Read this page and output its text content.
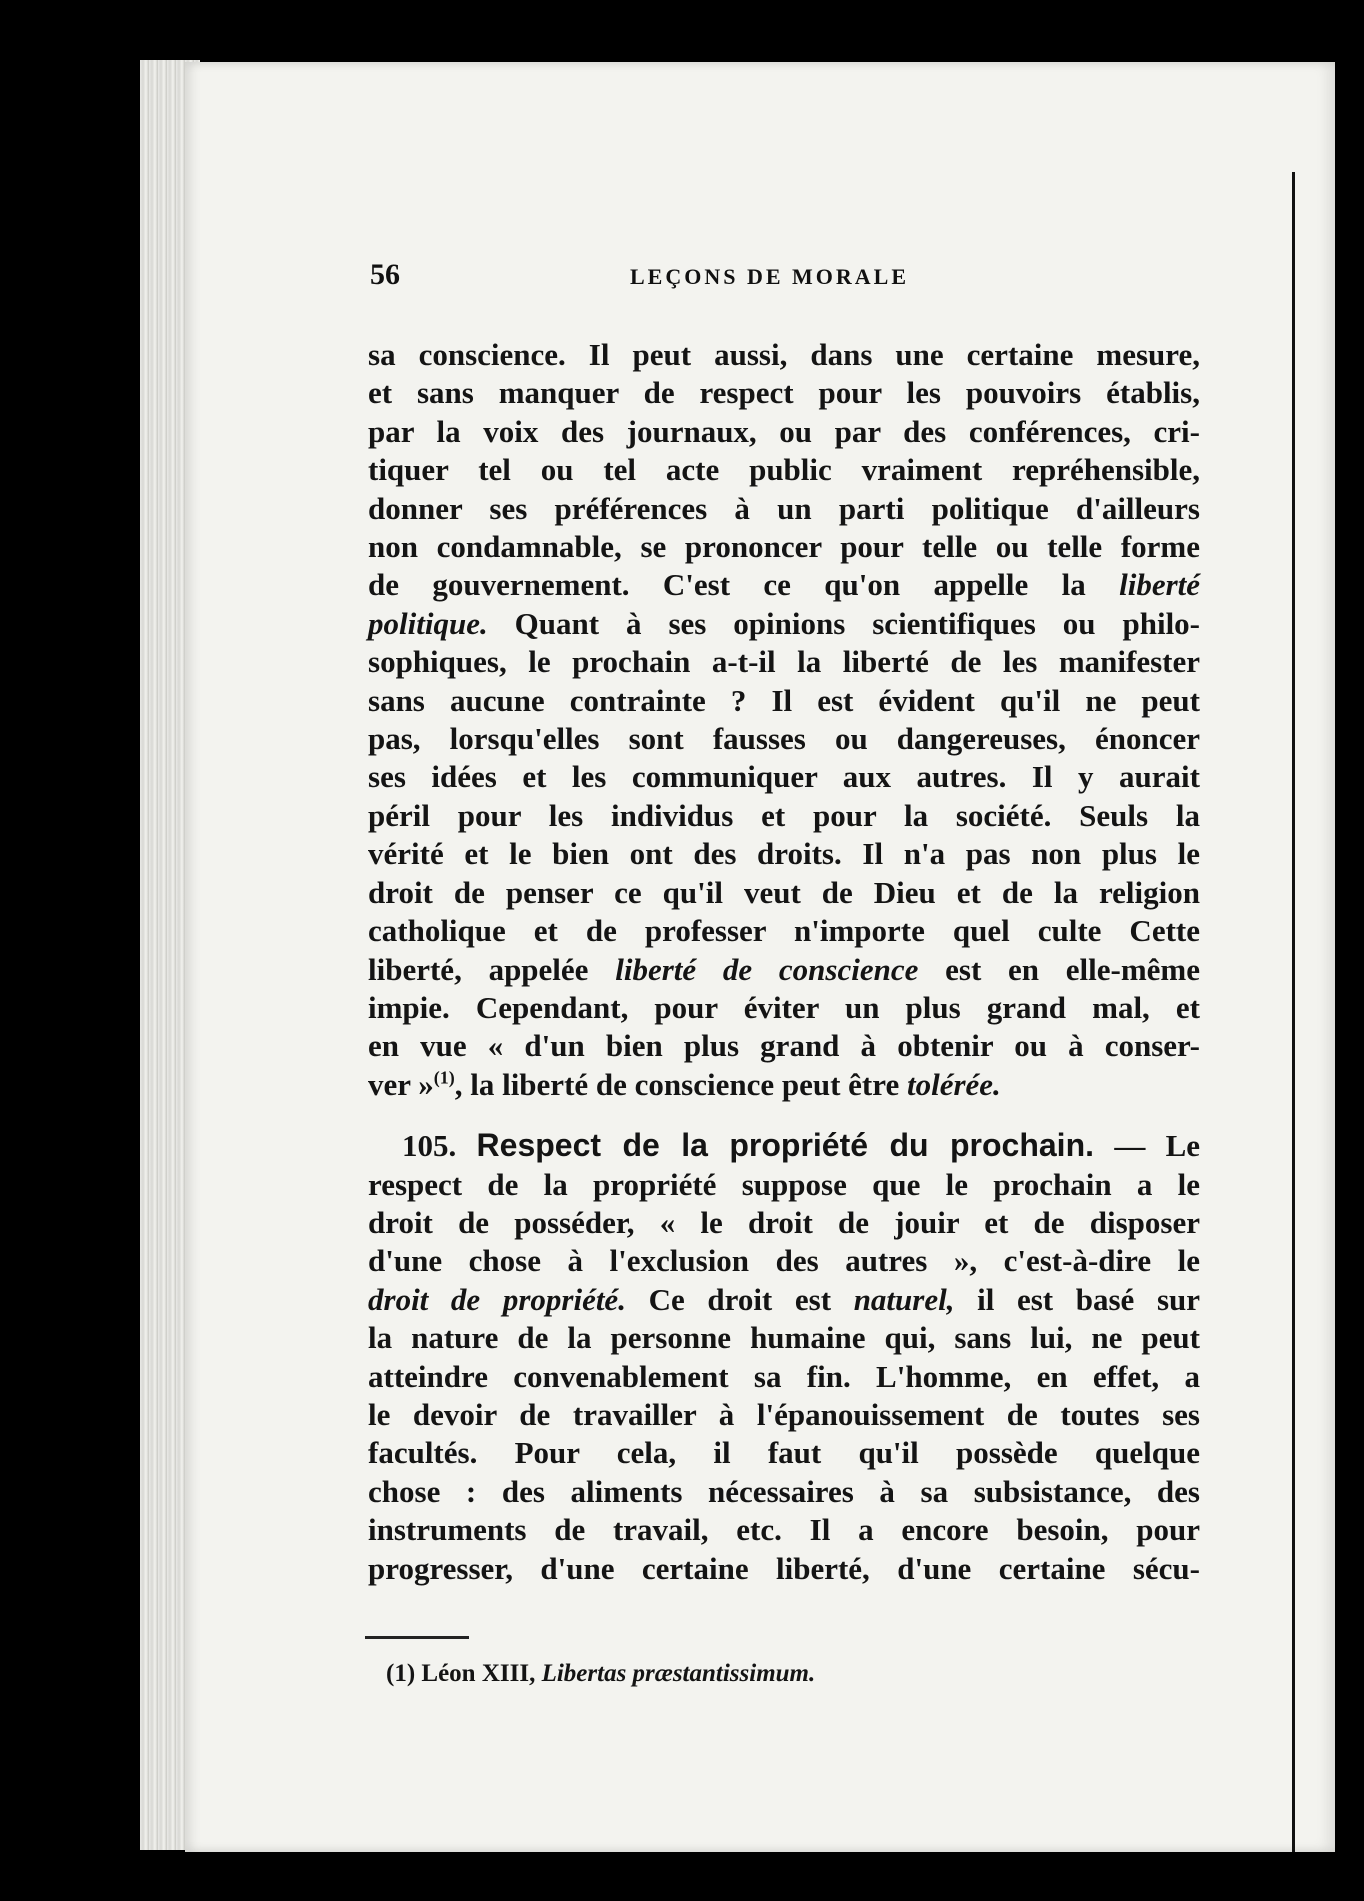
56	LEÇONS DE MORALE
sa conscience. Il peut aussi, dans une certaine mesure,
et sans manquer de respect pour les pouvoirs établis,
par la voix des journaux, ou par des conférences, cri-
tiquer tel ou tel acte public vraiment repréhensible,
donner ses préférences à un parti politique d'ailleurs
non condamnable, se prononcer pour telle ou telle forme
de gouvernement. C'est ce qu'on appelle la liberté
politique. Quant à ses opinions scientifiques ou philo-
sophiques, le prochain a-t-il la liberté de les manifester
sans aucune contrainte ? Il est évident qu'il ne peut
pas, lorsqu'elles sont fausses ou dangereuses, énoncer
ses idées et les communiquer aux autres. Il y aurait
péril pour les individus et pour la société. Seuls la
vérité et le bien ont des droits. Il n'a pas non plus le
droit de penser ce qu'il veut de Dieu et de la religion
catholique et de professer n'importe quel culte Cette
liberté, appelée liberté de conscience est en elle-même
impie. Cependant, pour éviter un plus grand mal, et
en vue « d'un bien plus grand à obtenir ou à conser-
ver »$^{(1)}$, la liberté de conscience peut être tolérée.
105. Respect de la propriété du prochain. — Le
respect de la propriété suppose que le prochain a le
droit de posséder, « le droit de jouir et de disposer
d'une chose à l'exclusion des autres », c'est-à-dire le
droit de propriété. Ce droit est naturel, il est basé sur
la nature de la personne humaine qui, sans lui, ne peut
atteindre convenablement sa fin. L'homme, en effet, a
le devoir de travailler à l'épanouissement de toutes ses
facultés. Pour cela, il faut qu'il possède quelque
chose : des aliments nécessaires à sa subsistance, des
instruments de travail, etc. Il a encore besoin, pour
progresser, d'une certaine liberté, d'une certaine sécu-
(1) Léon XIII, Libertas præstantissimum.
